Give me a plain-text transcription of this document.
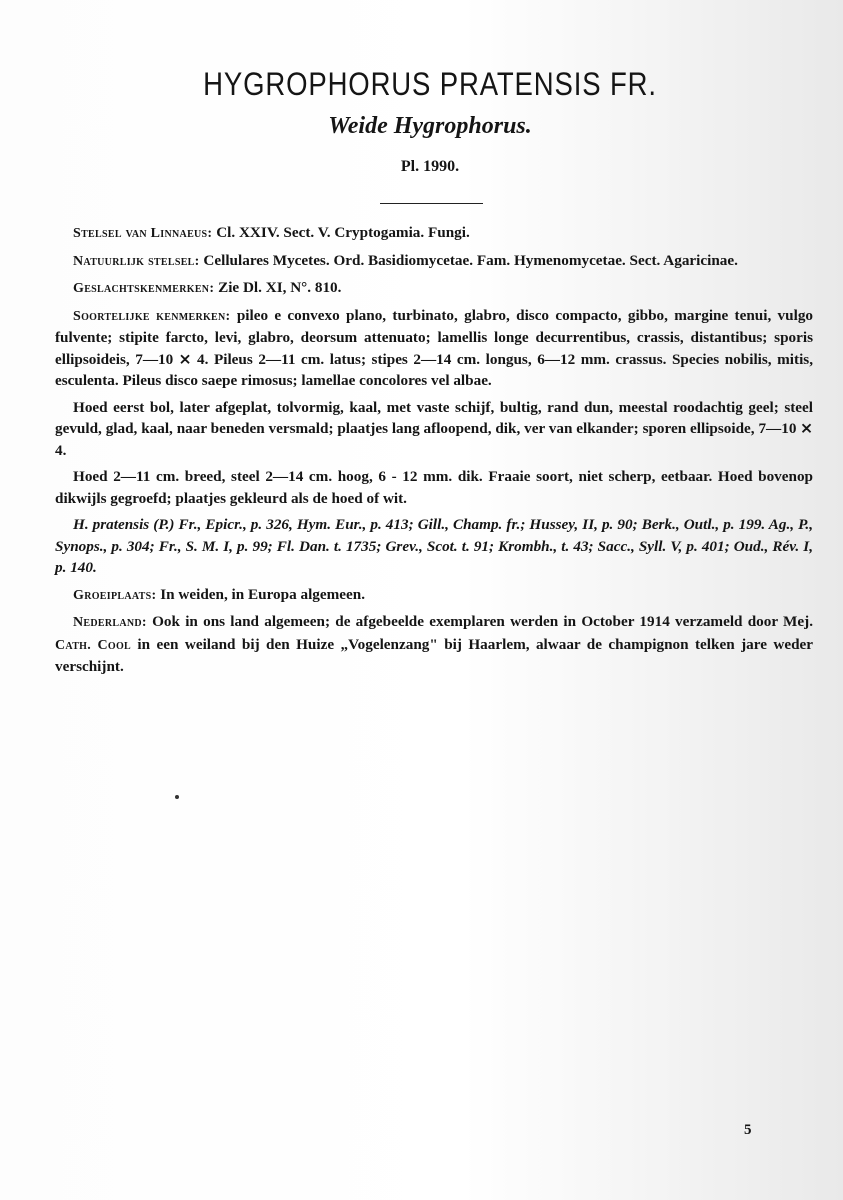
HYGROPHORUS PRATENSIS FR.
Weide Hygrophorus.
Pl. 1990.

Stelsel van Linnaeus: Cl. XXIV. Sect. V. Cryptogamia. Fungi.

Natuurlijk stelsel: Cellulares Mycetes. Ord. Basidiomycetae. Fam. Hymenomycetae. Sect. Agaricinae.

Geslachtskenmerken: Zie Dl. XI, N°. 810.

Soortelijke kenmerken: pileo e convexo plano, turbinato, glabro, disco compacto, gibbo, margine tenui, vulgo fulvente; stipite farcto, levi, glabro, deorsum attenuato; lamellis longe decurrentibus, crassis, distantibus; sporis ellipsoideis, 7—10 ⨯ 4. Pileus 2—11 cm. latus; stipes 2—14 cm. longus, 6—12 mm. crassus. Species nobilis, mitis, esculenta. Pileus disco saepe rimosus; lamellae concolores vel albae.

Hoed eerst bol, later afgeplat, tolvormig, kaal, met vaste schijf, bultig, rand dun, meestal roodachtig geel; steel gevuld, glad, kaal, naar beneden versmald; plaatjes lang afloopend, dik, ver van elkander; sporen ellipsoide, 7—10 ⨯ 4.

Hoed 2—11 cm. breed, steel 2—14 cm. hoog, 6 - 12 mm. dik. Fraaie soort, niet scherp, eetbaar. Hoed bovenop dikwijls gegroefd; plaatjes gekleurd als de hoed of wit.

H. pratensis (P.) Fr., Epicr., p. 326, Hym. Eur., p. 413; Gill., Champ. fr.; Hussey, II, p. 90; Berk., Outl., p. 199. Ag., P., Synops., p. 304; Fr., S. M. I, p. 99; Fl. Dan. t. 1735; Grev., Scot. t. 91; Krombh., t. 43; Sacc., Syll. V, p. 401; Oud., Rév. I, p. 140.

Groeiplaats: In weiden, in Europa algemeen.

Nederland: Ook in ons land algemeen; de afgebeelde exemplaren werden in October 1914 verzameld door Mej. Cath. Cool in een weiland bij den Huize „Vogelenzang" bij Haarlem, alwaar de champignon telken jare weder verschijnt.

5
